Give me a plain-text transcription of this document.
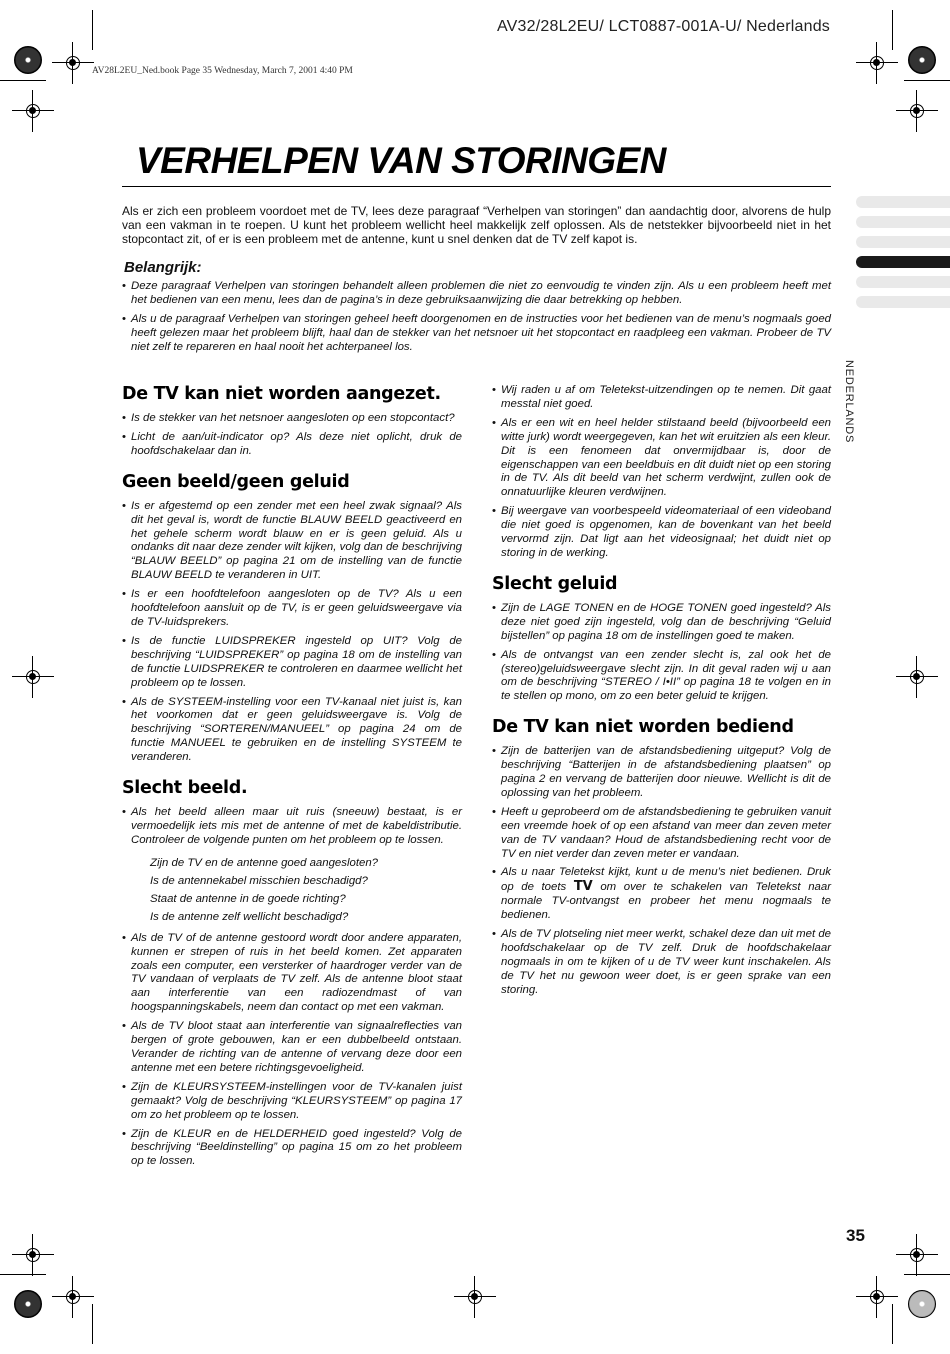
AV32/28L2EU/ LCT0887-001A-U/ Nederlands
AV28L2EU_Ned.book Page 35 Wednesday, March 7, 2001 4:40 PM
VERHELPEN VAN STORINGEN
Als er zich een probleem voordoet met de TV, lees deze paragraaf “Verhelpen van storingen” dan aandachtig door, alvorens de hulp van een vakman in te roepen. U kunt het probleem wellicht heel makkelijk zelf oplossen. Als de netstekker bijvoorbeeld niet in het stopcontact zit, of er is een probleem met de antenne, kunt u snel denken dat de TV zelf kapot is.
Belangrijk:

• Deze paragraaf Verhelpen van storingen behandelt alleen problemen die niet zo eenvoudig te vinden zijn. Als u een probleem heeft met het bedienen van een menu, lees dan de pagina’s in deze gebruiksaanwijzing die daar betrekking op hebben.

• Als u de paragraaf Verhelpen van storingen geheel heeft doorgenomen en de instructies voor het bedienen van de menu’s nogmaals goed heeft gelezen maar het probleem blijft, haal dan de stekker van het netsnoer uit het stopcontact en raadpleeg een vakman. Probeer de TV niet zelf te repareren en haal nooit het achterpaneel los.

De TV kan niet worden aangezet.

• Is de stekker van het netsnoer aangesloten op een stopcontact?

• Licht de aan/uit-indicator op? Als deze niet oplicht, druk de hoofdschakelaar dan in.

Geen beeld/geen geluid

• Is er afgestemd op een zender met een heel zwak signaal? Als dit het geval is, wordt de functie BLAUW BEELD geactiveerd en het gehele scherm wordt blauw en er is geen geluid. Als u ondanks dit naar deze zender wilt kijken, volg dan de beschrijving “BLAUW BEELD” op pagina 21 om de instelling van de functie BLAUW BEELD te veranderen in UIT.

• Is er een hoofdtelefoon aangesloten op de TV? Als u een hoofdtelefoon aansluit op de TV, is er geen geluidsweergave via de TV-luidsprekers.

• Is de functie LUIDSPREKER ingesteld op UIT? Volg de beschrijving “LUIDSPREKER” op pagina 18 om de instelling van de functie LUIDSPREKER te controleren en daarmee wellicht het probleem op te lossen.

• Als de SYSTEEM-instelling voor een TV-kanaal niet juist is, kan het voorkomen dat er geen geluidsweergave is. Volg de beschrijving “SORTEREN/MANUEEL” op pagina 24 om de functie MANUEEL te gebruiken en de instelling SYSTEEM te veranderen.

Slecht beeld.

• Als het beeld alleen maar uit ruis (sneeuw) bestaat, is er vermoedelijk iets mis met de antenne of met de kabeldistributie. Controleer de volgende punten om het probleem op te lossen.

Zijn de TV en de antenne goed aangesloten?
Is de antennekabel misschien beschadigd?
Staat de antenne in de goede richting?
Is de antenne zelf wellicht beschadigd?

• Als de TV of de antenne gestoord wordt door andere apparaten, kunnen er strepen of ruis in het beeld komen. Zet apparaten zoals een computer, een versterker of haardroger verder van de TV vandaan of verplaats de TV zelf. Als de antenne bloot staat aan interferentie van een radiozendmast of van hoogspanningskabels, neem dan contact op met een vakman.

• Als de TV bloot staat aan interferentie van signaalreflecties van bergen of grote gebouwen, kan er een dubbelbeeld ontstaan. Verander de richting van de antenne of vervang deze door een antenne met een betere richtingsgevoeligheid.

• Zijn de KLEURSYSTEEM-instellingen voor de TV-kanalen juist gemaakt? Volg de beschrijving “KLEURSYSTEEM” op pagina 17 om zo het probleem op te lossen.

• Zijn de KLEUR en de HELDERHEID goed ingesteld? Volg de beschrijving “Beeldinstelling” op pagina 15 om zo het probleem op te lossen.

• Wij raden u af om Teletekst-uitzendingen op te nemen. Dit gaat messtal niet goed.

• Als er een wit en heel helder stilstaand beeld (bijvoorbeeld een witte jurk) wordt weergegeven, kan het wit eruitzien als een kleur. Dit is een fenomeen dat onvermijdbaar is, door de eigenschappen van een beeldbuis en dit duidt niet op een storing in de TV. Als dit beeld van het scherm verdwijnt, zullen ook de onnatuurlijke kleuren verdwijnen.

• Bij weergave van voorbespeeld videomateriaal of een videoband die niet goed is opgenomen, kan de bovenkant van het beeld vervormd zijn. Dat ligt aan het videosignaal; het duidt niet op storing in de werking.

Slecht geluid

• Zijn de LAGE TONEN en de HOGE TONEN goed ingesteld? Als deze niet goed zijn ingesteld, volg dan de beschrijving “Geluid bijstellen” op pagina 18 om de instellingen goed te maken.

• Als de ontvangst van een zender slecht is, zal ook het de (stereo)geluidsweergave slecht zijn. In dit geval raden wij u aan om de beschrijving “STEREO / I•II” op pagina 18 te volgen en in te stellen op mono, om zo een beter geluid te krijgen.

De TV kan niet worden bediend

• Zijn de batterijen van de afstandsbediening uitgeput? Volg de beschrijving “Batterijen in de afstandsbediening plaatsen” op pagina 2 en vervang de batterijen door nieuwe. Wellicht is dit de oplossing van het probleem.

• Heeft u geprobeerd om de afstandsbediening te gebruiken vanuit een vreemde hoek of op een afstand van meer dan zeven meter van de TV vandaan? Houd de afstandsbediening recht voor de TV en niet verder dan zeven meter er vandaan.

• Als u naar Teletekst kijkt, kunt u de menu’s niet bedienen. Druk op de toets TV om over te schakelen van Teletekst naar normale TV-ontvangst en probeer het menu nogmaals te bedienen.

• Als de TV plotseling niet meer werkt, schakel deze dan uit met de hoofdschakelaar op de TV zelf. Druk de hoofdschakelaar nogmaals in om te kijken of u de TV weer kunt inschakelen. Als de TV het nu gewoon weer doet, is er geen sprake van een storing.

NEDERLANDS
35
